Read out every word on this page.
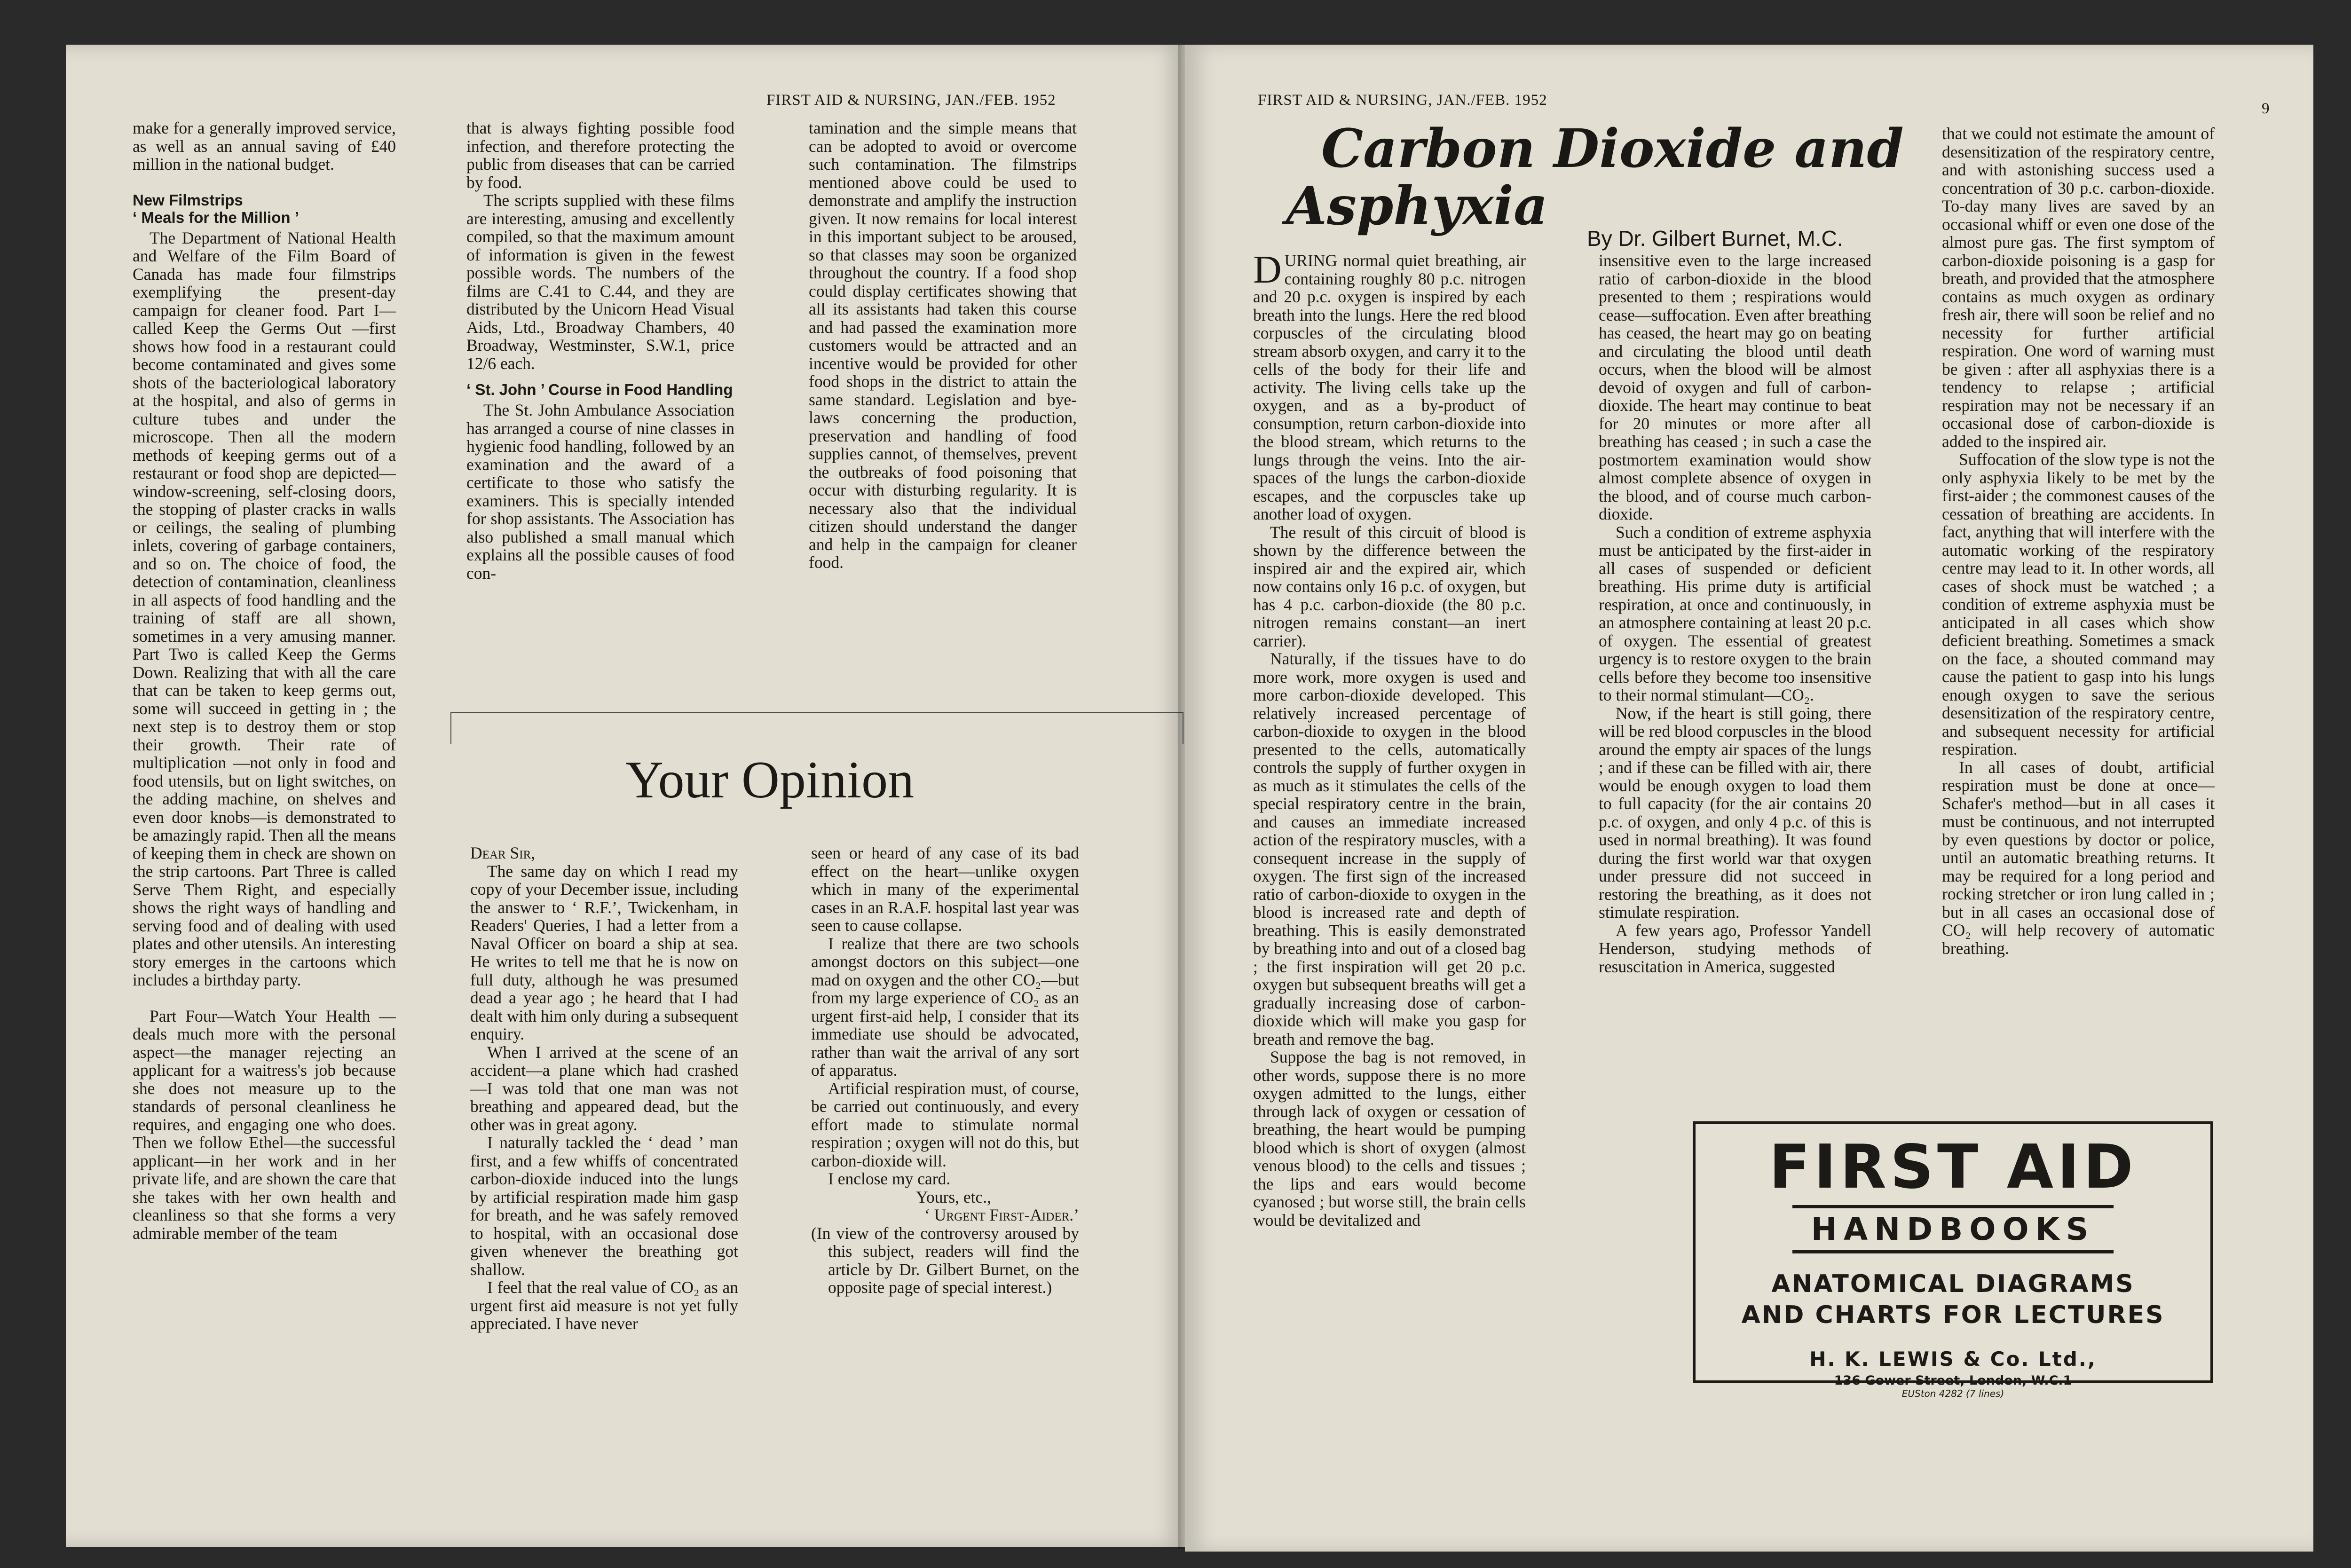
FIRST AID & NURSING, JAN./FEB. 1952

make for a generally improved service, as well as an annual saving of £40 million in the national budget.

New Filmstrips
‘ Meals for the Million ’

The Department of National Health and Welfare of the Film Board of Canada has made four filmstrips exemplifying the present-day campaign for cleaner food. Part I—called Keep the Germs Out —first shows how food in a restaurant could become contaminated and gives some shots of the bacteriological laboratory at the hospital, and also of germs in culture tubes and under the microscope. Then all the modern methods of keeping germs out of a restaurant or food shop are depicted—window-screening, self-closing doors, the stopping of plaster cracks in walls or ceilings, the sealing of plumbing inlets, covering of garbage containers, and so on. The choice of food, the detection of contamination, cleanliness in all aspects of food handling and the training of staff are all shown, sometimes in a very amusing manner. Part Two is called Keep the Germs Down. Realizing that with all the care that can be taken to keep germs out, some will succeed in getting in ; the next step is to destroy them or stop their growth. Their rate of multiplication —not only in food and food utensils, but on light switches, on the adding machine, on shelves and even door knobs—is demonstrated to be amazingly rapid. Then all the means of keeping them in check are shown on the strip cartoons. Part Three is called Serve Them Right, and especially shows the right ways of handling and serving food and of dealing with used plates and other utensils. An interesting story emerges in the cartoons which includes a birthday party.

Part Four—Watch Your Health —deals much more with the personal aspect—the manager rejecting an applicant for a waitress's job because she does not measure up to the standards of personal cleanliness he requires, and engaging one who does. Then we follow Ethel—the successful applicant—in her work and in her private life, and are shown the care that she takes with her own health and cleanliness so that she forms a very admirable member of the team

that is always fighting possible food infection, and therefore protecting the public from diseases that can be carried by food.

The scripts supplied with these films are interesting, amusing and excellently compiled, so that the maximum amount of information is given in the fewest possible words. The numbers of the films are C.41 to C.44, and they are distributed by the Unicorn Head Visual Aids, Ltd., Broadway Chambers, 40 Broadway, Westminster, S.W.1, price 12/6 each.

‘ St. John ’ Course in Food Handling

The St. John Ambulance Association has arranged a course of nine classes in hygienic food handling, followed by an examination and the award of a certificate to those who satisfy the examiners. This is specially intended for shop assistants. The Association has also published a small manual which explains all the possible causes of food con-

tamination and the simple means that can be adopted to avoid or overcome such contamination. The filmstrips mentioned above could be used to demonstrate and amplify the instruction given. It now remains for local interest in this important subject to be aroused, so that classes may soon be organized throughout the country. If a food shop could display certificates showing that all its assistants had taken this course and had passed the examination more customers would be attracted and an incentive would be provided for other food shops in the district to attain the same standard. Legislation and bye-laws concerning the production, preservation and handling of food supplies cannot, of themselves, prevent the outbreaks of food poisoning that occur with disturbing regularity. It is necessary also that the individual citizen should understand the danger and help in the campaign for cleaner food.

Your Opinion

Dear Sir,

The same day on which I read my copy of your December issue, including the answer to ‘ R.F.’, Twickenham, in Readers' Queries, I had a letter from a Naval Officer on board a ship at sea. He writes to tell me that he is now on full duty, although he was presumed dead a year ago ; he heard that I had dealt with him only during a subsequent enquiry.

When I arrived at the scene of an accident—a plane which had crashed —I was told that one man was not breathing and appeared dead, but the other was in great agony.

I naturally tackled the ‘ dead ’ man first, and a few whiffs of concentrated carbon-dioxide induced into the lungs by artificial respiration made him gasp for breath, and he was safely removed to hospital, with an occasional dose given whenever the breathing got shallow.

I feel that the real value of CO₂ as an urgent first aid measure is not yet fully appreciated. I have never

seen or heard of any case of its bad effect on the heart—unlike oxygen which in many of the experimental cases in an R.A.F. hospital last year was seen to cause collapse.

I realize that there are two schools amongst doctors on this subject—one mad on oxygen and the other CO₂—but from my large experience of CO₂ as an urgent first-aid help, I consider that its immediate use should be advocated, rather than wait the arrival of any sort of apparatus.

Artificial respiration must, of course, be carried out continuously, and every effort made to stimulate normal respiration ; oxygen will not do this, but carbon-dioxide will.

I enclose my card.

Yours, etc.,

‘ Urgent First-Aider.’

(In view of the controversy aroused by this subject, readers will find the article by Dr. Gilbert Burnet, on the opposite page of special interest.)

FIRST AID & NURSING, JAN./FEB. 1952	9
Carbon Dioxide and
Asphyxia
By Dr. Gilbert Burnet, M.C.

DURING normal quiet breathing, air containing roughly 80 p.c. nitrogen and 20 p.c. oxygen is inspired by each breath into the lungs. Here the red blood corpuscles of the circulating blood stream absorb oxygen, and carry it to the cells of the body for their life and activity. The living cells take up the oxygen, and as a by-product of consumption, return carbon-dioxide into the blood stream, which returns to the lungs through the veins. Into the air-spaces of the lungs the carbon-dioxide escapes, and the corpuscles take up another load of oxygen.

The result of this circuit of blood is shown by the difference between the inspired air and the expired air, which now contains only 16 p.c. of oxygen, but has 4 p.c. carbon-dioxide (the 80 p.c. nitrogen remains constant—an inert carrier).

Naturally, if the tissues have to do more work, more oxygen is used and more carbon-dioxide developed. This relatively increased percentage of carbon-dioxide to oxygen in the blood presented to the cells, automatically controls the supply of further oxygen in as much as it stimulates the cells of the special respiratory centre in the brain, and causes an immediate increased action of the respiratory muscles, with a consequent increase in the supply of oxygen. The first sign of the increased ratio of carbon-dioxide to oxygen in the blood is increased rate and depth of breathing. This is easily demonstrated by breathing into and out of a closed bag ; the first inspiration will get 20 p.c. oxygen but subsequent breaths will get a gradually increasing dose of carbon-dioxide which will make you gasp for breath and remove the bag.

Suppose the bag is not removed, in other words, suppose there is no more oxygen admitted to the lungs, either through lack of oxygen or cessation of breathing, the heart would be pumping blood which is short of oxygen (almost venous blood) to the cells and tissues ; the lips and ears would become cyanosed ; but worse still, the brain cells would be devitalized and

insensitive even to the large increased ratio of carbon-dioxide in the blood presented to them ; respirations would cease—suffocation. Even after breathing has ceased, the heart may go on beating and circulating the blood until death occurs, when the blood will be almost devoid of oxygen and full of carbon-dioxide. The heart may continue to beat for 20 minutes or more after all breathing has ceased ; in such a case the postmortem examination would show almost complete absence of oxygen in the blood, and of course much carbon-dioxide.

Such a condition of extreme asphyxia must be anticipated by the first-aider in all cases of suspended or deficient breathing. His prime duty is artificial respiration, at once and continuously, in an atmosphere containing at least 20 p.c. of oxygen. The essential of greatest urgency is to restore oxygen to the brain cells before they become too insensitive to their normal stimulant—CO₂.

Now, if the heart is still going, there will be red blood corpuscles in the blood around the empty air spaces of the lungs ; and if these can be filled with air, there would be enough oxygen to load them to full capacity (for the air contains 20 p.c. of oxygen, and only 4 p.c. of this is used in normal breathing). It was found during the first world war that oxygen under pressure did not succeed in restoring the breathing, as it does not stimulate respiration.

A few years ago, Professor Yandell Henderson, studying methods of resuscitation in America, suggested

that we could not estimate the amount of desensitization of the respiratory centre, and with astonishing success used a concentration of 30 p.c. carbon-dioxide. To-day many lives are saved by an occasional whiff or even one dose of the almost pure gas. The first symptom of carbon-dioxide poisoning is a gasp for breath, and provided that the atmosphere contains as much oxygen as ordinary fresh air, there will soon be relief and no necessity for further artificial respiration. One word of warning must be given : after all asphyxias there is a tendency to relapse ; artificial respiration may not be necessary if an occasional dose of carbon-dioxide is added to the inspired air.

Suffocation of the slow type is not the only asphyxia likely to be met by the first-aider ; the commonest causes of the cessation of breathing are accidents. In fact, anything that will interfere with the automatic working of the respiratory centre may lead to it. In other words, all cases of shock must be watched ; a condition of extreme asphyxia must be anticipated in all cases which show deficient breathing. Sometimes a smack on the face, a shouted command may cause the patient to gasp into his lungs enough oxygen to save the serious desensitization of the respiratory centre, and subsequent necessity for artificial respiration.

In all cases of doubt, artificial respiration must be done at once—Schafer's method—but in all cases it must be continuous, and not interrupted by even questions by doctor or police, until an automatic breathing returns. It may be required for a long period and rocking stretcher or iron lung called in ; but in all cases an occasional dose of CO₂ will help recovery of automatic breathing.

FIRST AID
HANDBOOKS
ANATOMICAL DIAGRAMS
AND CHARTS FOR LECTURES
H. K. LEWIS & Co. Ltd.,
136 Gower Street, London, W.C.1
EUSton 4282 (7 lines)
